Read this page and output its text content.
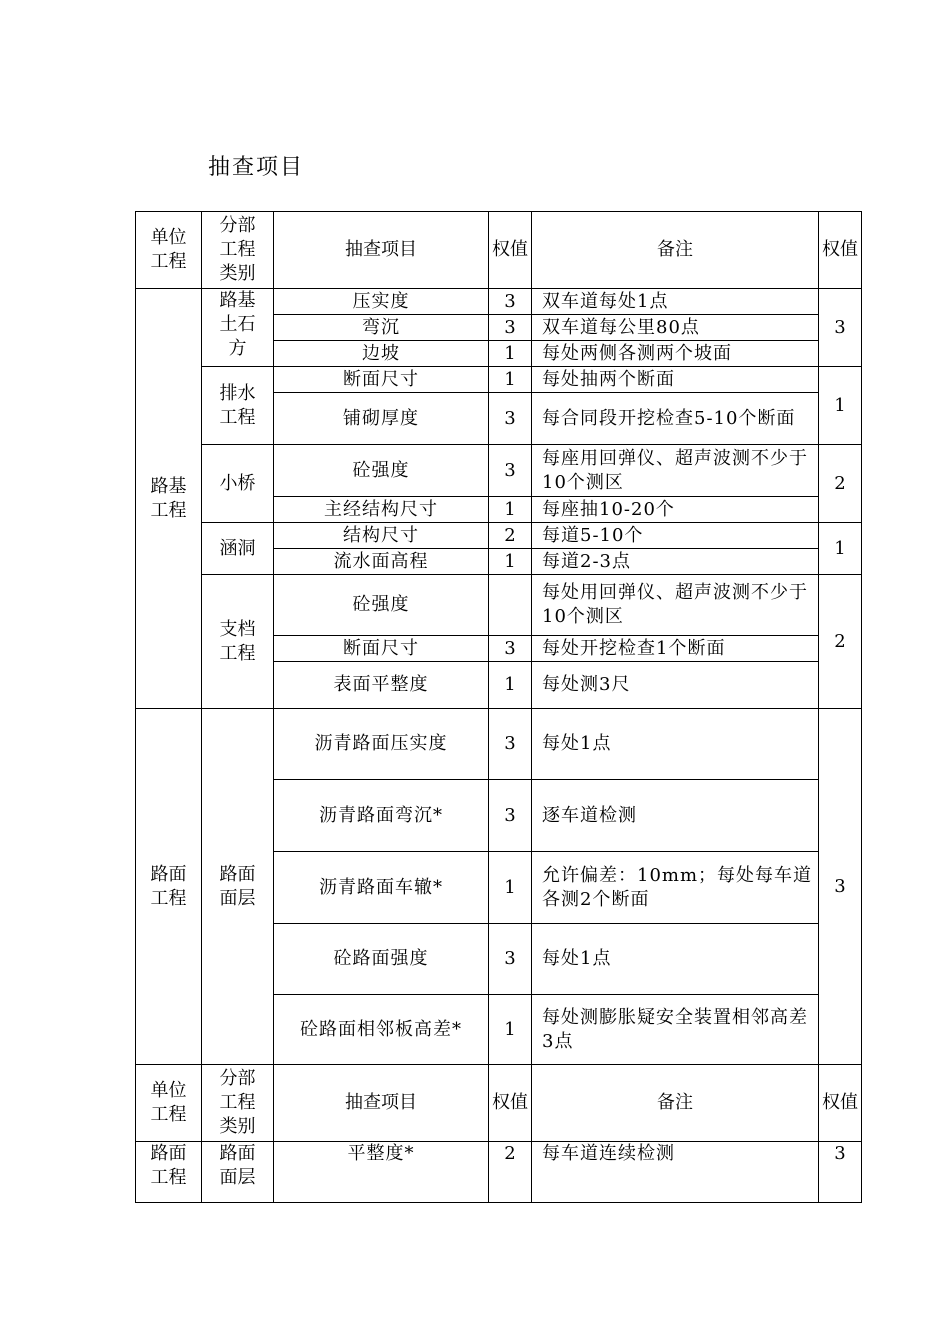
抽查项目
单位工程	分部工程类别	抽查项目	权值	备注	权值
路基工程	路基土石方	压实度	3	双车道每处1点	3
		弯沉	3	双车道每公里80点	
		边坡	1	每处两侧各测两个坡面	
	排水工程	断面尺寸	1	每处抽两个断面	1
		铺砌厚度	3	每合同段开挖检查5-10个断面	
	小桥	砼强度	3	每座用回弹仪、超声波测不少于10个测区	2
		主经结构尺寸	1	每座抽10-20个	
	涵洞	结构尺寸	2	每道5-10个	1
		流水面高程	1	每道2-3点	
	支档工程	砼强度		每处用回弹仪、超声波测不少于10个测区	2
		断面尺寸	3	每处开挖检查1个断面	
		表面平整度	1	每处测3尺	
路面工程	路面面层	沥青路面压实度	3	每处1点	3
		沥青路面弯沉*	3	逐车道检测	
		沥青路面车辙*	1	允许偏差：10mm；每处每车道各测2个断面	
		砼路面强度	3	每处1点	
		砼路面相邻板高差*	1	每处测膨胀疑安全装置相邻高差3点	
单位工程	分部工程类别	抽查项目	权值	备注	权值
路面工程	路面面层	平整度*	2	每车道连续检测	3
